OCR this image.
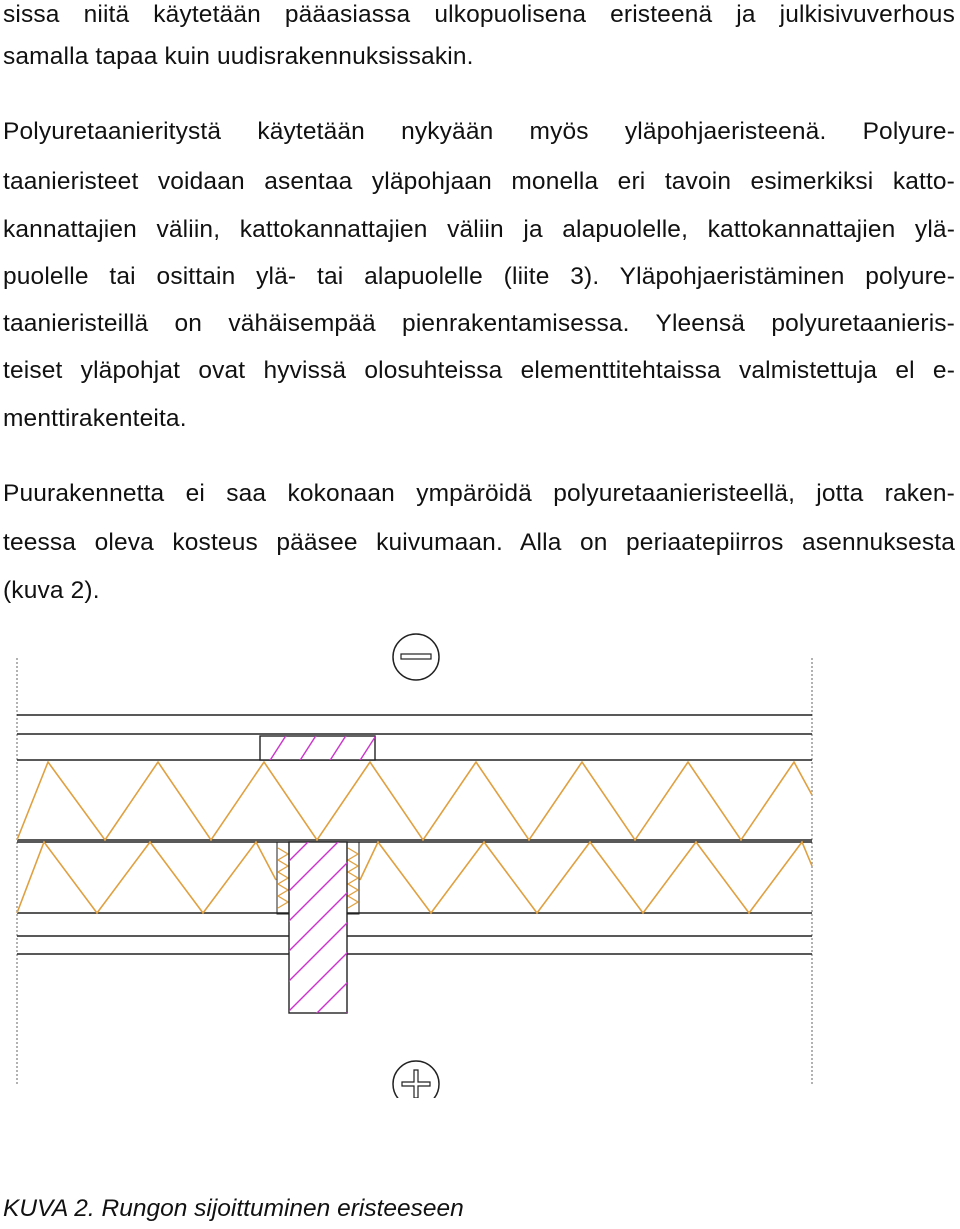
sissa niitä käytetään pääasiassa ulkopuolisena eristeenä ja julkisivuverhous

samalla tapaa kuin uudisrakennuksissakin.

Polyuretaanieritystä käytetään nykyään myös yläpohjaeristeenä. Polyure-

taanieristeet voidaan asentaa yläpohjaan monella eri tavoin esimerkiksi katto-

kannattajien väliin, kattokannattajien väliin ja alapuolelle, kattokannattajien ylä-

puolelle tai osittain ylä- tai alapuolelle (liite 3). Yläpohjaeristäminen polyure-

taanieristeillä on vähäisempää pienrakentamisessa. Yleensä polyuretaanieris-

teiset yläpohjat ovat hyvissä olosuhteissa elementtitehtaissa valmistettuja el e-

menttirakenteita.

Puurakennetta ei saa kokonaan ympäröidä polyuretaanieristeellä, jotta raken-

teessa oleva kosteus pääsee kuivumaan. Alla on periaatepiirros asennuksesta

(kuva 2).

KUVA 2. Rungon sijoittuminen eristeeseen
